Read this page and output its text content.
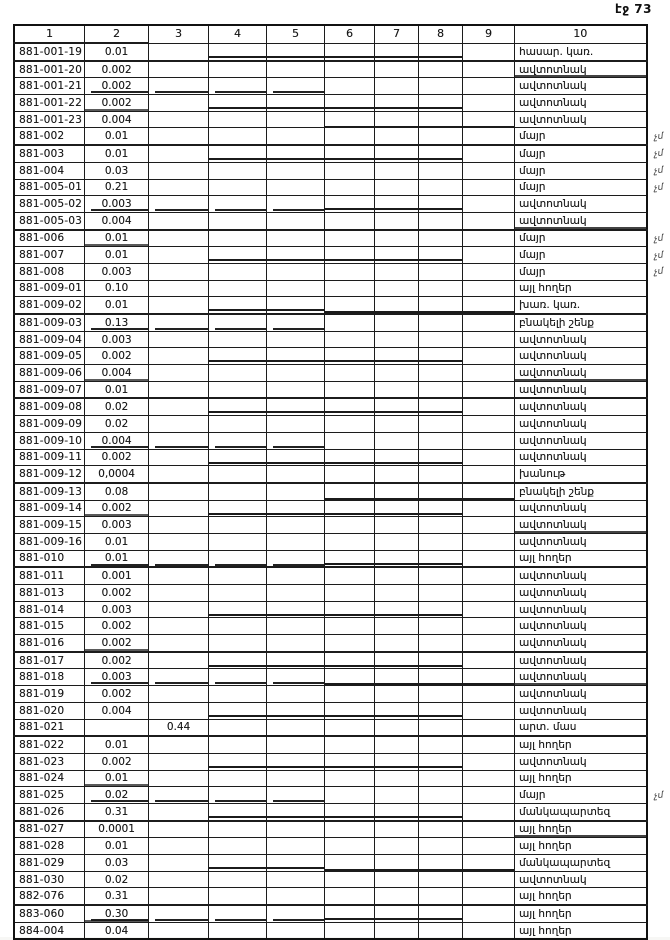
էջ 73
1	2	3	4	5	6	7	8	9	10	
881-001-19	0.01								հասար. կառ.	
881-001-20	0.002								ավտոտնակ	
881-001-21	0.002								ավտոտնակ	
881-001-22	0.002								ավտոտնակ	
881-001-23	0.004								ավտոտնակ	
881-002	0.01								մայր	չմ
881-003	0.01								մայր	չմ
881-004	0.03								մայր	չմ
881-005-01	0.21								մայր	չմ
881-005-02	0.003								ավտոտնակ	
881-005-03	0.004								ավտոտնակ	
881-006	0.01								մայր	չմ
881-007	0.01								մայր	չմ
881-008	0.003								մայր	չմ
881-009-01	0.10								այլ հողեր	
881-009-02	0.01								խառ. կառ.	
881-009-03	0.13								բնակելի շենք	
881-009-04	0.003								ավտոտնակ	
881-009-05	0.002								ավտոտնակ	
881-009-06	0.004								ավտոտնակ	
881-009-07	0.01								ավտոտնակ	
881-009-08	0.02								ավտոտնակ	
881-009-09	0.02								ավտոտնակ	
881-009-10	0.004								ավտոտնակ	
881-009-11	0.002								ավտոտնակ	
881-009-12	0,0004								խանութ	
881-009-13	0.08								բնակելի շենք	
881-009-14	0.002								ավտոտնակ	
881-009-15	0.003								ավտոտնակ	
881-009-16	0.01								ավտոտնակ	
881-010	0.01								այլ հողեր	
881-011	0.001								ավտոտնակ	
881-013	0.002								ավտոտնակ	
881-014	0.003								ավտոտնակ	
881-015	0.002								ավտոտնակ	
881-016	0.002								ավտոտնակ	
881-017	0.002								ավտոտնակ	
881-018	0.003								ավտոտնակ	
881-019	0.002								ավտոտնակ	
881-020	0.004								ավտոտնակ	
881-021		0.44							արտ. մաս	
881-022	0.01								այլ հողեր	
881-023	0.002								ավտոտնակ	
881-024	0.01								այլ հողեր	
881-025	0.02								մայր	չմ
881-026	0.31								մանկապարտեզ	
881-027	0.0001								այլ հողեր	
881-028	0.01								այլ հողեր	
881-029	0.03								մանկապարտեզ	
881-030	0.02								ավտոտնակ	
882-076	0.31								այլ հողեր	
883-060	0.30								այլ հողեր	
884-004	0.04								այլ հողեր	
